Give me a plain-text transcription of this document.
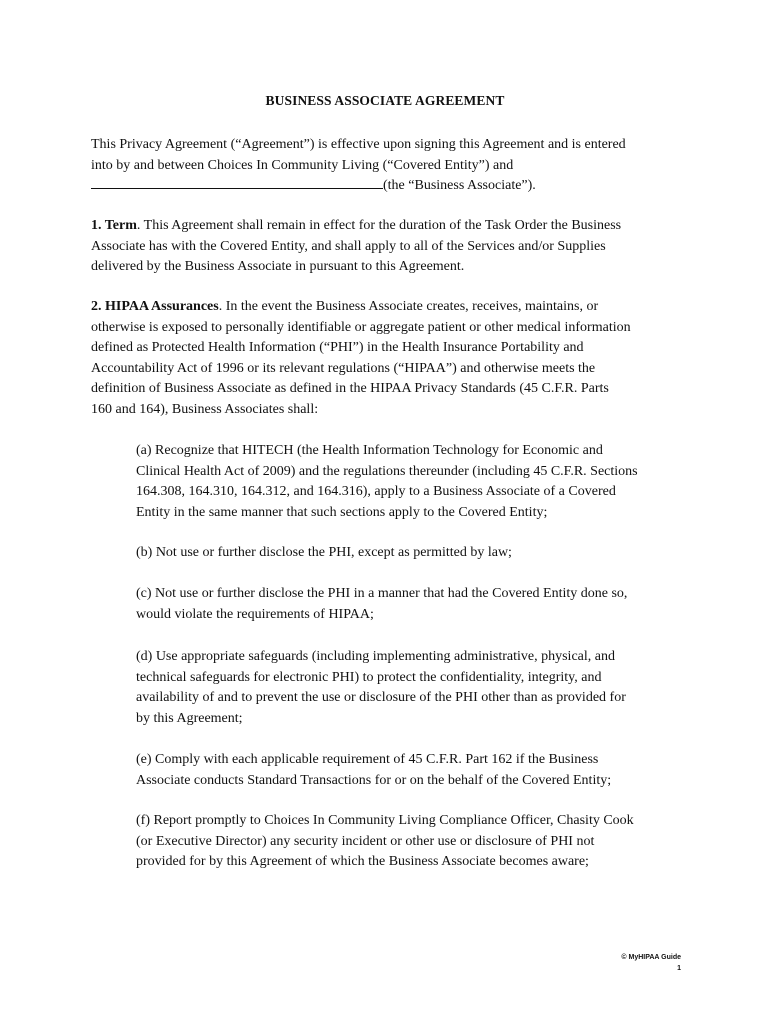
BUSINESS ASSOCIATE AGREEMENT
This Privacy Agreement (“Agreement”) is effective upon signing this Agreement and is entered
into by and between Choices In Community Living (“Covered Entity”) and
(the “Business Associate”).
1. Term. This Agreement shall remain in effect for the duration of the Task Order the Business
Associate has with the Covered Entity, and shall apply to all of the Services and/or Supplies
delivered by the Business Associate in pursuant to this Agreement.
2. HIPAA Assurances. In the event the Business Associate creates, receives, maintains, or
otherwise is exposed to personally identifiable or aggregate patient or other medical information
defined as Protected Health Information (“PHI”) in the Health Insurance Portability and
Accountability Act of 1996 or its relevant regulations (“HIPAA”) and otherwise meets the
definition of Business Associate as defined in the HIPAA Privacy Standards (45 C.F.R. Parts
160 and 164), Business Associates shall:
(a) Recognize that HITECH (the Health Information Technology for Economic and
Clinical Health Act of 2009) and the regulations thereunder (including 45 C.F.R. Sections
164.308, 164.310, 164.312, and 164.316), apply to a Business Associate of a Covered
Entity in the same manner that such sections apply to the Covered Entity;
(b) Not use or further disclose the PHI, except as permitted by law;
(c) Not use or further disclose the PHI in a manner that had the Covered Entity done so,
would violate the requirements of HIPAA;
(d) Use appropriate safeguards (including implementing administrative, physical, and
technical safeguards for electronic PHI) to protect the confidentiality, integrity, and
availability of and to prevent the use or disclosure of the PHI other than as provided for
by this Agreement;
(e) Comply with each applicable requirement of 45 C.F.R. Part 162 if the Business
Associate conducts Standard Transactions for or on the behalf of the Covered Entity;
(f) Report promptly to Choices In Community Living Compliance Officer, Chasity Cook
(or Executive Director) any security incident or other use or disclosure of PHI not
provided for by this Agreement of which the Business Associate becomes aware;
© MyHIPAA Guide
1
